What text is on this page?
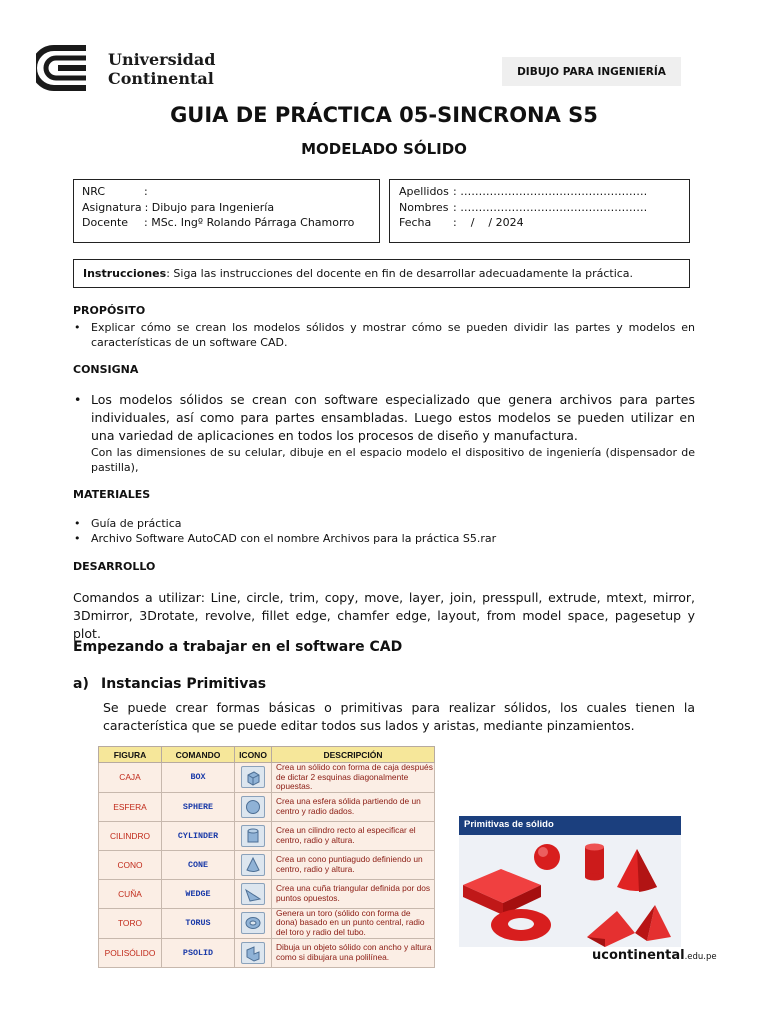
Universidad
Continental	DIBUJO PARA INGENIERÍA
GUIA DE PRÁCTICA 05-SINCRONA S5
MODELADO SÓLIDO
NRC	:
Asignatura : Dibujo para Ingeniería
Docente	: MSc. Ingº Rolando Párraga Chamorro
Apellidos : ……………………………………………
Nombres : ……………………………………………
Fecha	:    /    / 2024
Instrucciones : Siga las instrucciones del docente en fin de desarrollar adecuadamente la práctica.
PROPÓSITO
• Explicar cómo se crean los modelos sólidos y mostrar cómo se pueden dividir las partes y modelos en características de un software CAD.
CONSIGNA
• Los modelos sólidos se crean con software especializado que genera archivos para partes individuales, así como para partes ensambladas. Luego estos modelos se pueden utilizar en una variedad de aplicaciones en todos los procesos de diseño y manufactura.
Con las dimensiones de su celular, dibuje en el espacio modelo el dispositivo de ingeniería (dispensador de pastilla),
MATERIALES
• Guía de práctica
• Archivo Software AutoCAD con el nombre Archivos para la práctica S5.rar
DESARROLLO
Comandos a utilizar: Line, circle, trim, copy, move, layer, join, presspull, extrude, mtext, mirror, 3Dmirror, 3Drotate, revolve, fillet edge, chamfer edge, layout, from model space, pagesetup y plot.
Empezando a trabajar en el software CAD
a) Instancias Primitivas
Se puede crear formas básicas o primitivas para realizar sólidos, los cuales tienen la característica que se puede editar todos sus lados y aristas, mediante pinzamientos.
FIGURA	COMANDO	ICONO	DESCRIPCIÓN
CAJA	BOX		Crea un sólido con forma de caja después de dictar 2 esquinas diagonalmente opuestas.
ESFERA	SPHERE		Crea una esfera sólida partiendo de un centro y radio dados.
CILINDRO	CYLINDER		Crea un cilindro recto al especificar el centro, radio y altura.
CONO	CONE		Crea un cono puntiagudo definiendo un centro, radio y altura.
CUÑA	WEDGE		Crea una cuña triangular definida por dos puntos opuestos.
TORO	TORUS		Genera un toro (sólido con forma de dona) basado en un punto central, radio del toro y radio del tubo.
POLISÓLIDO	PSOLID		Dibuja un objeto sólido con ancho y altura como si dibujara una polilínea.
Primitivas de sólido
ucontinental.edu.pe
